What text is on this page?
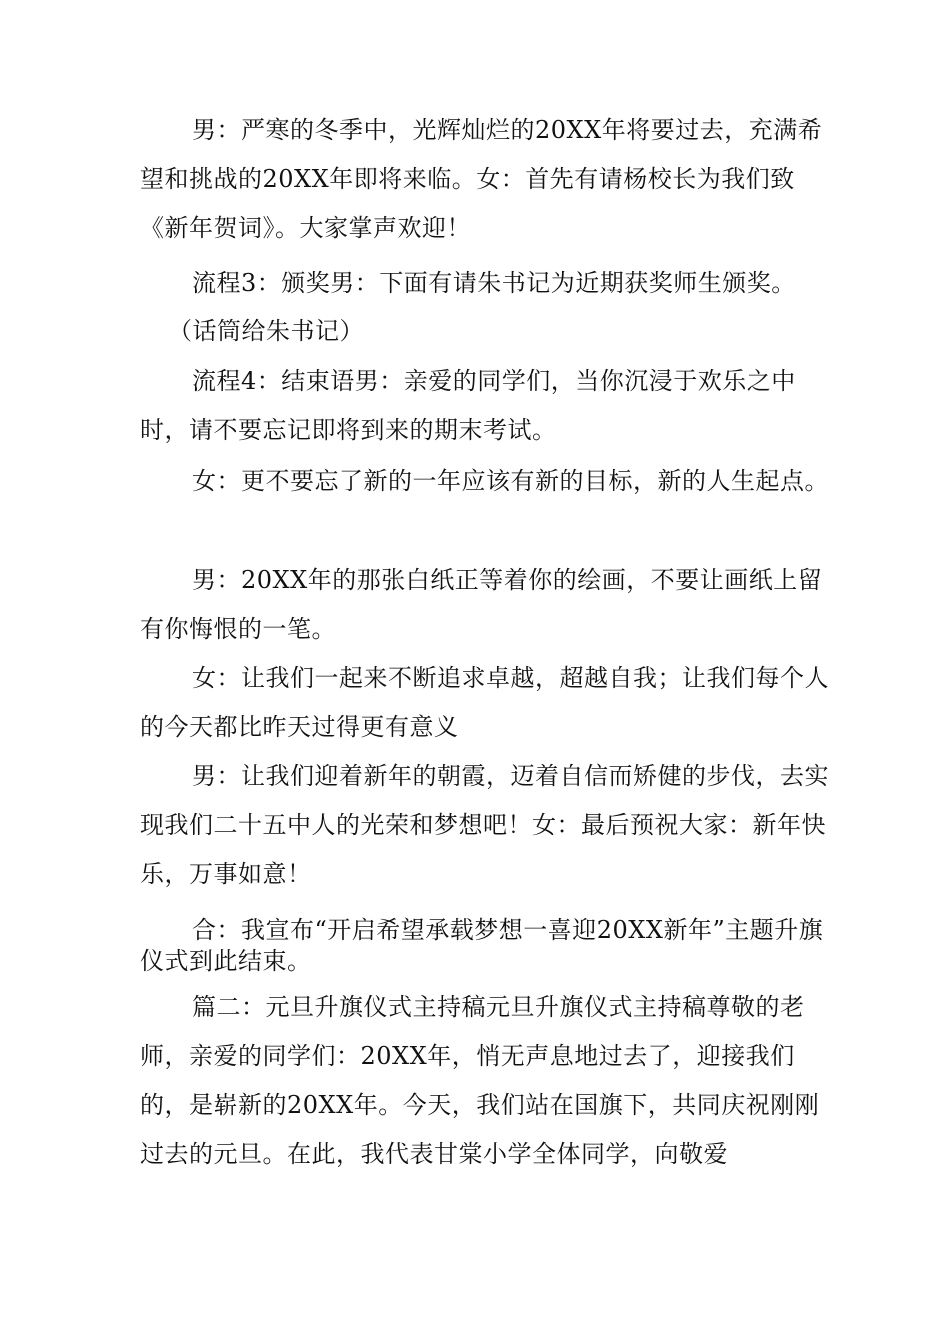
男：严寒的冬季中，光辉灿烂的20XX年将要过去，充满希望和挑战的20XX年即将来临。女：首先有请杨校长为我们致《新年贺词》。大家掌声欢迎！

流程3：颁奖男：下面有请朱书记为近期获奖师生颁奖。

（话筒给朱书记）

流程4：结束语男：亲爱的同学们，当你沉浸于欢乐之中时，请不要忘记即将到来的期末考试。

女：更不要忘了新的一年应该有新的目标，新的人生起点。

男：20XX年的那张白纸正等着你的绘画，不要让画纸上留有你悔恨的一笔。

女：让我们一起来不断追求卓越，超越自我；让我们每个人的今天都比昨天过得更有意义

男：让我们迎着新年的朝霞，迈着自信而矫健的步伐，去实现我们二十五中人的光荣和梦想吧！女：最后预祝大家：新年快乐，万事如意！

合：我宣布“开启希望承载梦想一喜迎20XX新年”主题升旗仪式到此结束。

篇二：元旦升旗仪式主持稿元旦升旗仪式主持稿尊敬的老师，亲爱的同学们：20XX年，悄无声息地过去了，迎接我们的，是崭新的20XX年。今天，我们站在国旗下，共同庆祝刚刚过去的元旦。在此，我代表甘棠小学全体同学，向敬爱
